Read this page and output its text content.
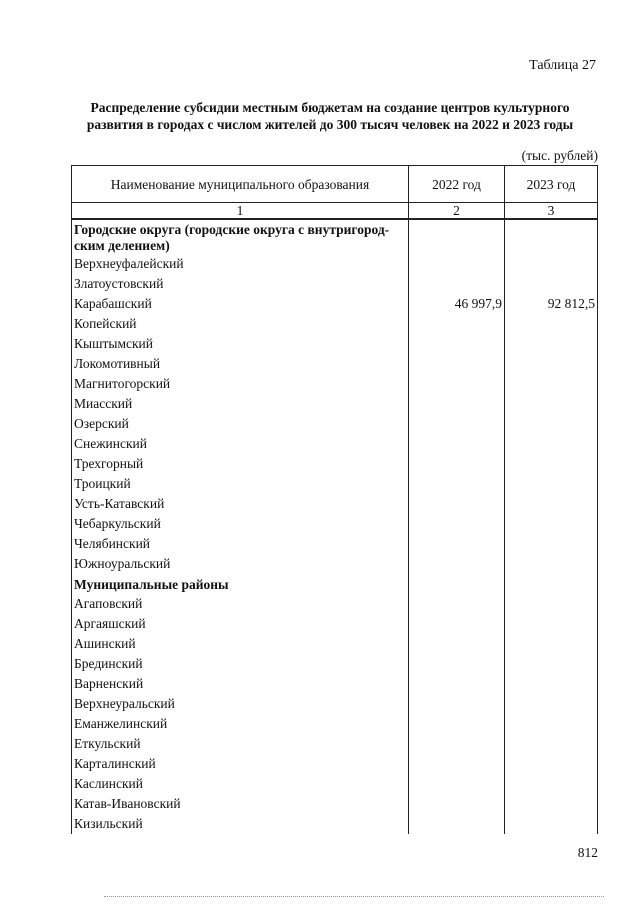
Таблица 27
Распределение субсидии местным бюджетам на создание центров культурного развития в городах с числом жителей до 300 тысяч человек на 2022 и 2023 годы
(тыс. рублей)
Наименование муниципального образования	2022 год	2023 год
1	2	3
Городские округа (городские округа с внутригород-ским делением)		
Верхнеуфалейский		
Златоустовский		
Карабашский	46 997,9	92 812,5
Копейский		
Кыштымский		
Локомотивный		
Магнитогорский		
Миасский		
Озерский		
Снежинский		
Трехгорный		
Троицкий		
Усть-Катавский		
Чебаркульский		
Челябинский		
Южноуральский		
Муниципальные районы		
Агаповский		
Аргаяшский		
Ашинский		
Брединский		
Варненский		
Верхнеуральский		
Еманжелинский		
Еткульский		
Карталинский		
Каслинский		
Катав-Ивановский		
Кизильский		
812
